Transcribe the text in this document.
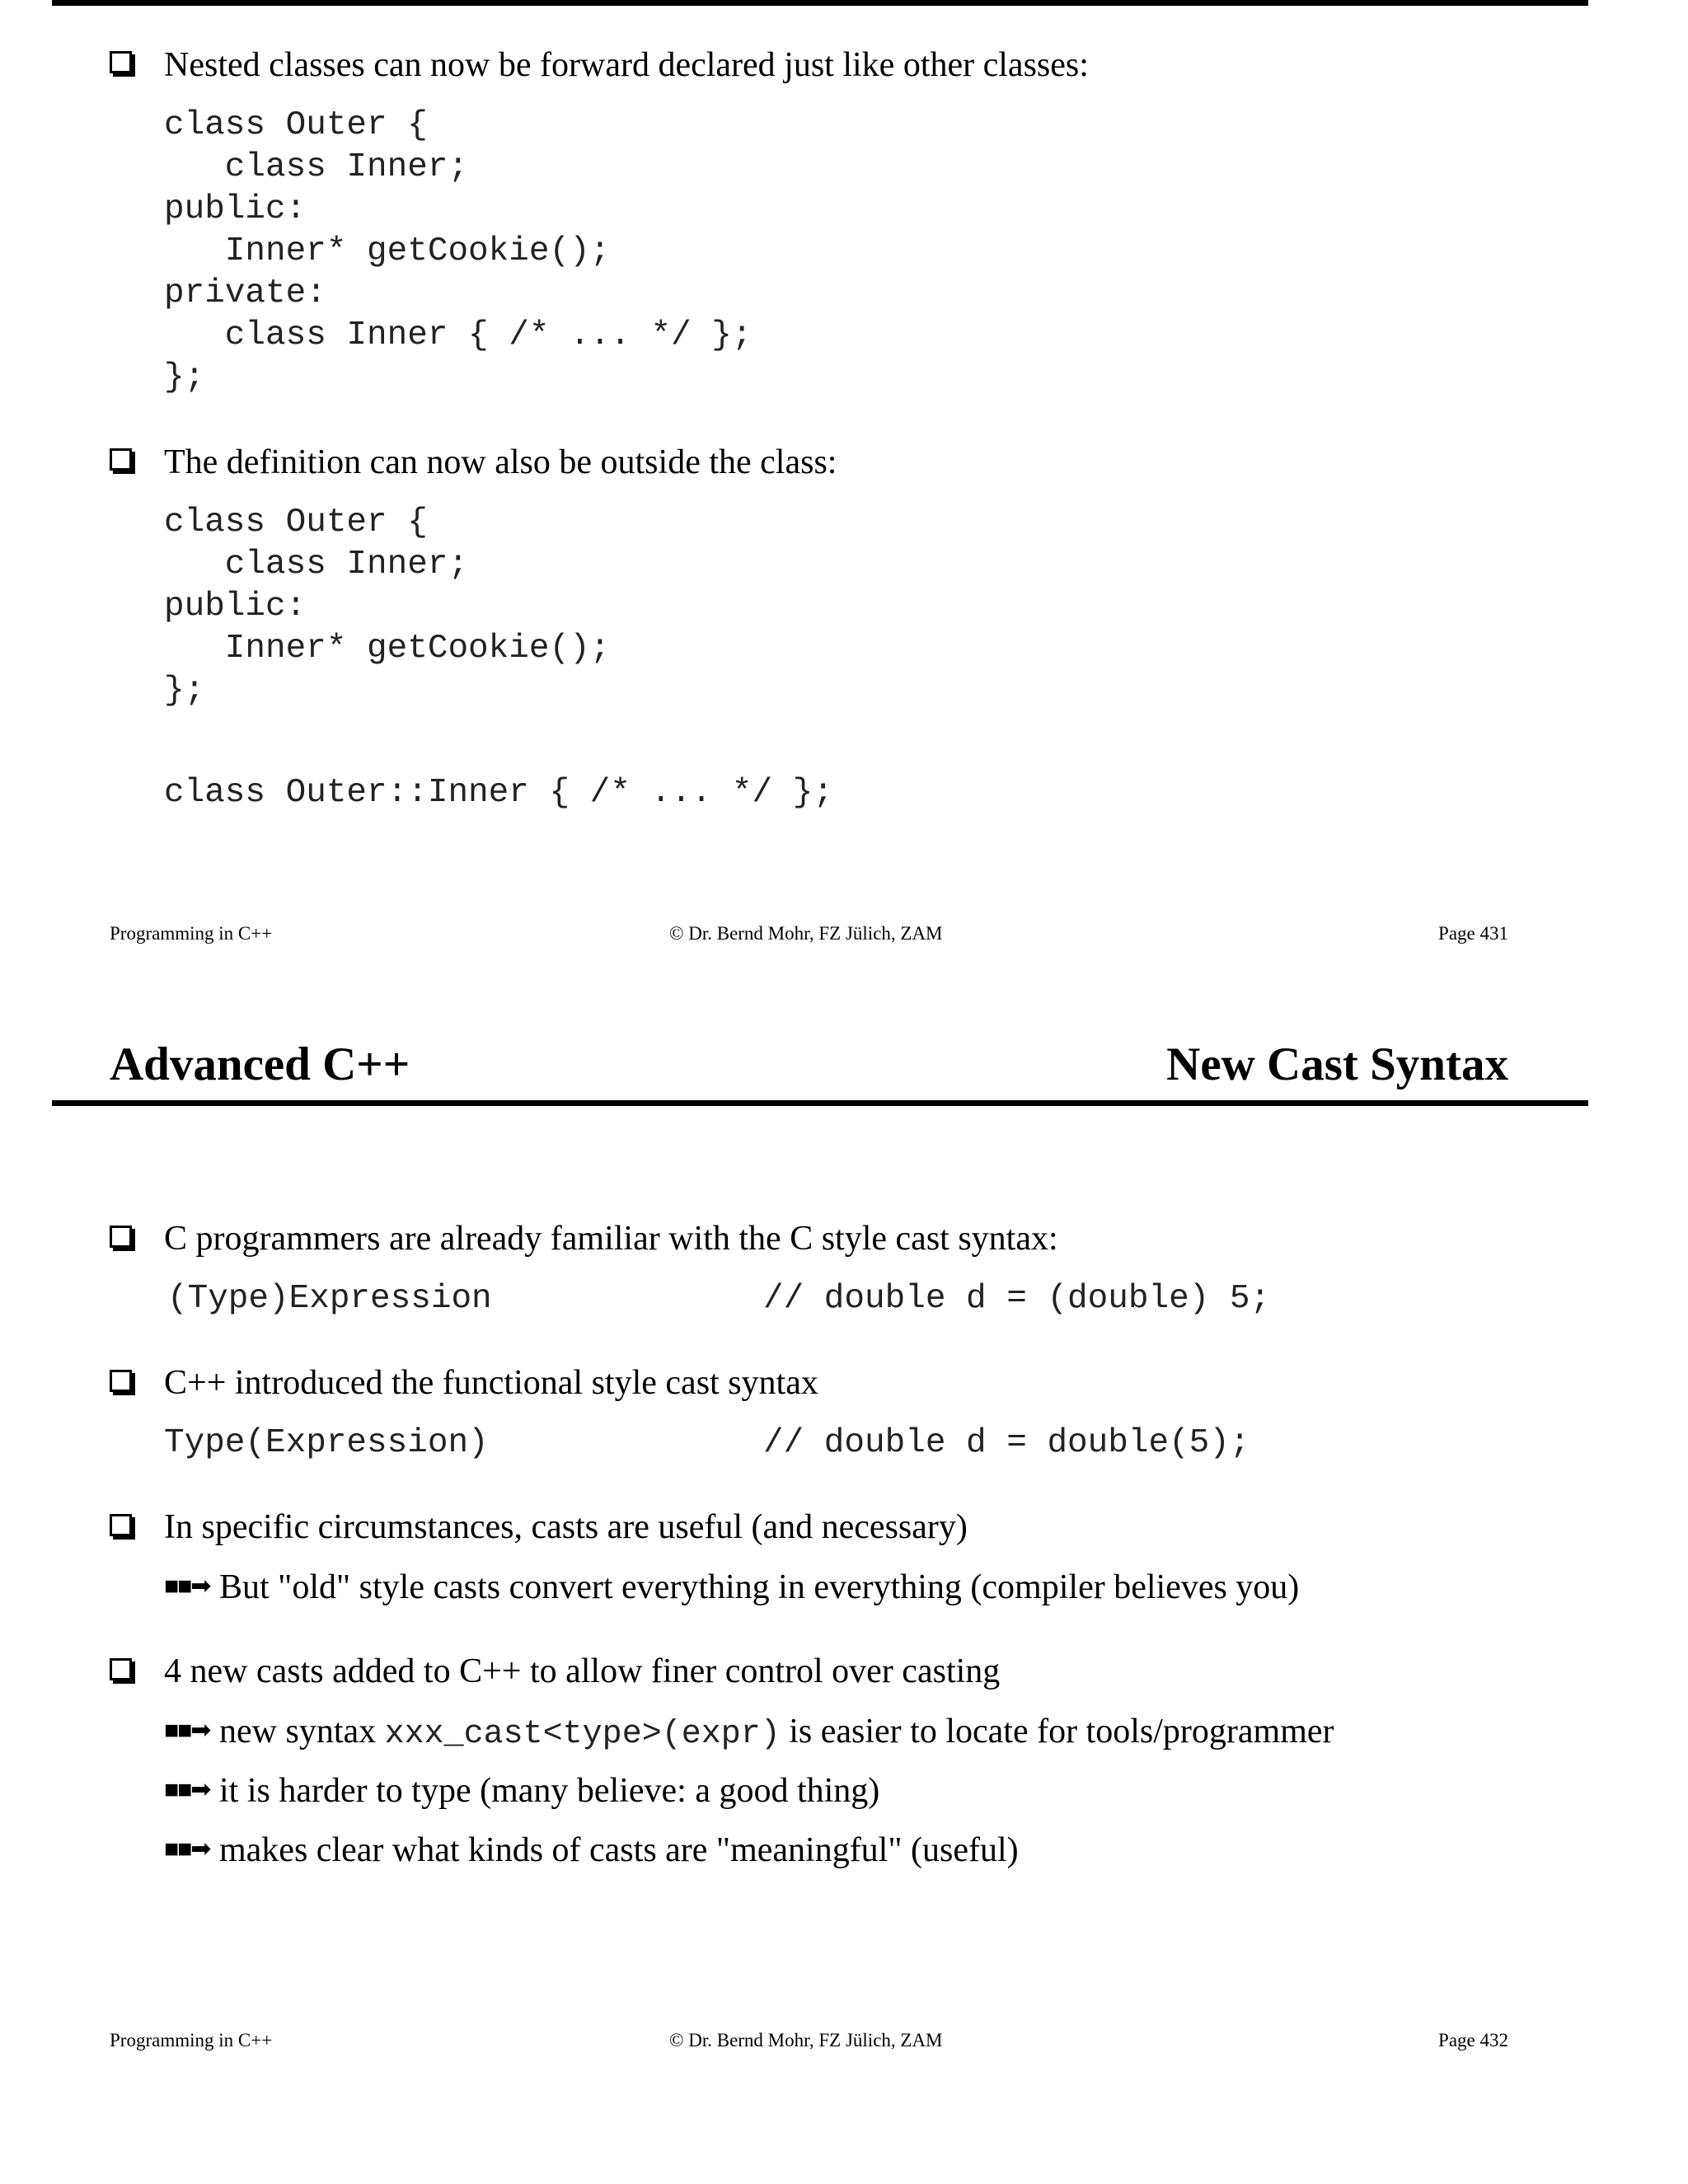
Nested classes can now be forward declared just like other classes:
class Outer {
class Inner;
public:
Inner* getCookie();
private:
class Inner { /* ... */ };
};
The definition can now also be outside the class:
class Outer {
class Inner;
public:
Inner* getCookie();
};
class Outer::Inner { /* ... */ };
Programming in C++	© Dr. Bernd Mohr, FZ Jülich, ZAM	Page 431
Advanced C++	New Cast Syntax
C programmers are already familiar with the C style cast syntax:
(Type)Expression	// double d = (double) 5;
C++ introduced the functional style cast syntax
Type(Expression)	// double d = double(5);
In specific circumstances, casts are useful (and necessary)
■■➡ But "old" style casts convert everything in everything (compiler believes you)
4 new casts added to C++ to allow finer control over casting
■■➡ new syntax xxx_cast<type>(expr) is easier to locate for tools/programmer
■■➡ it is harder to type (many believe: a good thing)
■■➡ makes clear what kinds of casts are "meaningful" (useful)
Programming in C++	© Dr. Bernd Mohr, FZ Jülich, ZAM	Page 432
